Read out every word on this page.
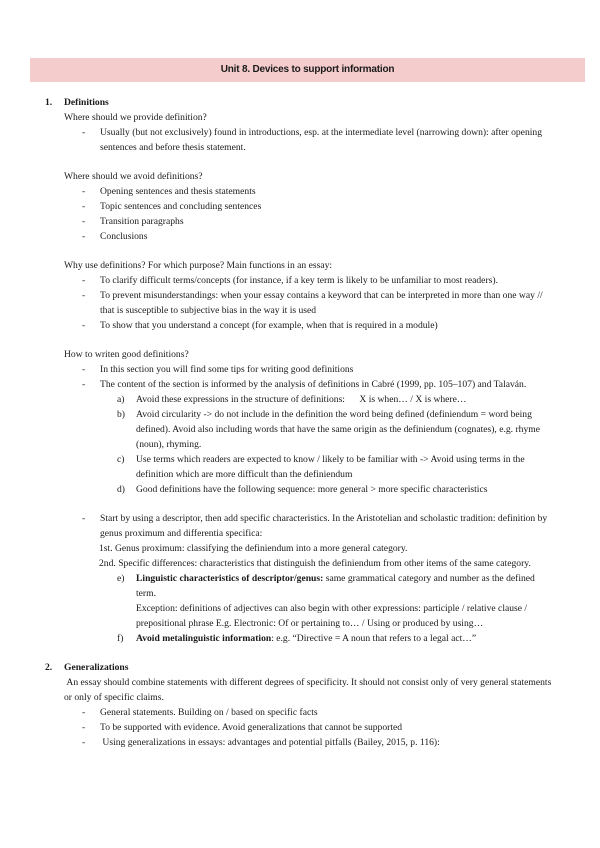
Unit 8. Devices to support information
1. Definitions
Where should we provide definition?
- Usually (but not exclusively) found in introductions, esp. at the intermediate level (narrowing down): after opening sentences and before thesis statement.
Where should we avoid definitions?
- Opening sentences and thesis statements
- Topic sentences and concluding sentences
- Transition paragraphs
- Conclusions
Why use definitions? For which purpose? Main functions in an essay:
- To clarify difficult terms/concepts (for instance, if a key term is likely to be unfamiliar to most readers).
- To prevent misunderstandings: when your essay contains a keyword that can be interpreted in more than one way // that is susceptible to subjective bias in the way it is used
- To show that you understand a concept (for example, when that is required in a module)
How to writen good definitions?
- In this section you will find some tips for writing good definitions
- The content of the section is informed by the analysis of definitions in Cabré (1999, pp. 105–107) and Talaván.
a) Avoid these expressions in the structure of definitions:      X is when… / X is where…
b) Avoid circularity -> do not include in the definition the word being defined (definiendum = word being defined). Avoid also including words that have the same origin as the definiendum (cognates), e.g. rhyme (noun), rhyming.
c) Use terms which readers are expected to know / likely to be familiar with -> Avoid using terms in the definition which are more difficult than the definiendum
d) Good definitions have the following sequence: more general > more specific characteristics
- Start by using a descriptor, then add specific characteristics. In the Aristotelian and scholastic tradition: definition by genus proximum and differentia specifica:
1st. Genus proximum: classifying the definiendum into a more general category.
2nd. Specific differences: characteristics that distinguish the definiendum from other items of the same category.
e) Linguistic characteristics of descriptor/genus: same grammatical category and number as the defined term.
Exception: definitions of adjectives can also begin with other expressions: participle / relative clause / prepositional phrase E.g. Electronic: Of or pertaining to… / Using or produced by using…
f) Avoid metalinguistic information: e.g. “Directive = A noun that refers to a legal act…”
2. Generalizations
An essay should combine statements with different degrees of specificity. It should not consist only of very general statements or only of specific claims.
- General statements. Building on / based on specific facts
- To be supported with evidence. Avoid generalizations that cannot be supported
-  Using generalizations in essays: advantages and potential pitfalls (Bailey, 2015, p. 116):
